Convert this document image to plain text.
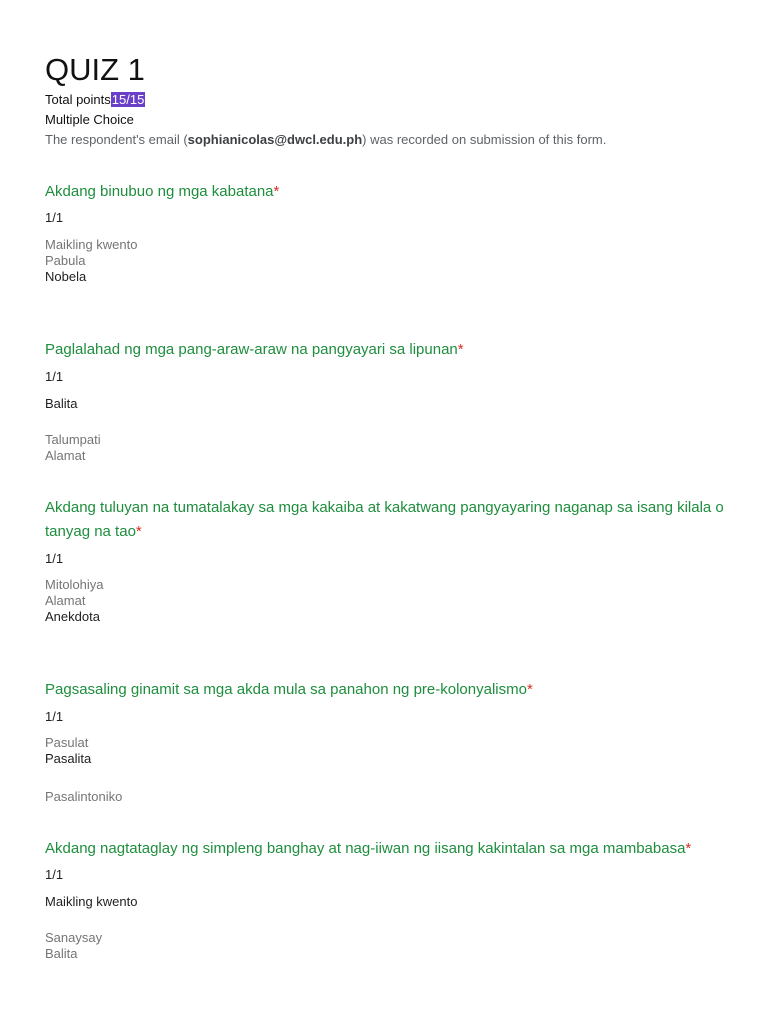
QUIZ 1
Total points15/15
Multiple Choice
The respondent's email (sophianicolas@dwcl.edu.ph) was recorded on submission of this form.
Akdang binubuo ng mga kabatana*
1/1
Maikling kwento
Pabula
Nobela
Paglalahad ng mga pang-araw-araw na pangyayari sa lipunan*
1/1
Balita
Talumpati
Alamat
Akdang tuluyan na tumatalakay sa mga kakaiba at kakatwang pangyayaring naganap sa isang kilala o tanyag na tao*
1/1
Mitolohiya
Alamat
Anekdota
Pagsasaling ginamit sa mga akda mula sa panahon ng pre-kolonyalismo*
1/1
Pasulat
Pasalita
Pasalintoniko
Akdang nagtataglay ng simpleng banghay at nag-iiwan ng iisang kakintalan sa mga mambabasa*
1/1
Maikling kwento
Sanaysay
Balita
